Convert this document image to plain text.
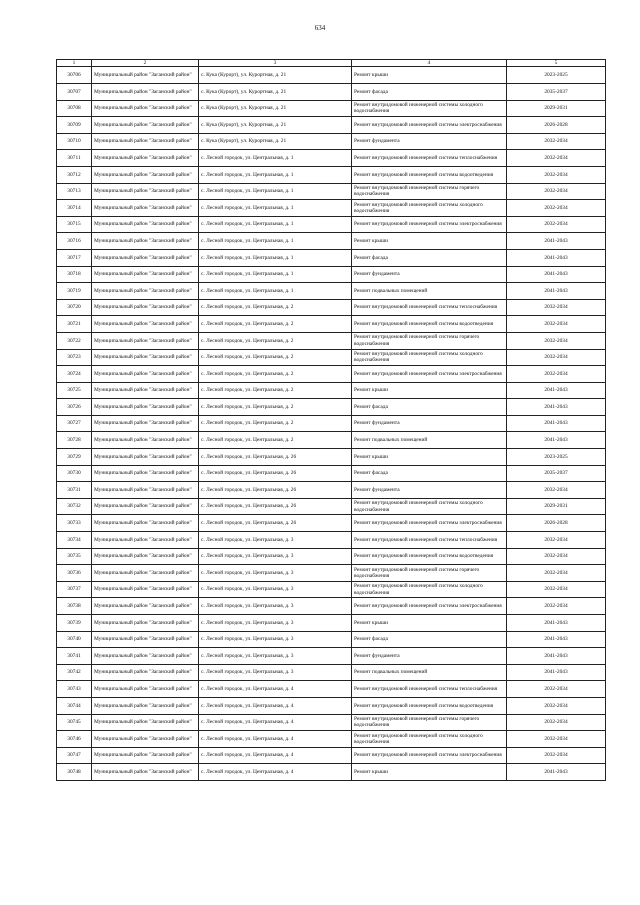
634
1	2	3	4	5
30706	Муниципальный район "Заганский район"	с. Кука (Курорт), ул. Курортная, д. 21	Ремонт крыши	2023-2025
30707	Муниципальный район "Заганский район"	с. Кука (Курорт), ул. Курортная, д. 21	Ремонт фасада	2035-2037
30708	Муниципальный район "Заганский район"	с. Кука (Курорт), ул. Курортная, д. 21	Ремонт внутридомовой инженерной системы холодного водоснабжения	2029-2031
30709	Муниципальный район "Заганский район"	с. Кука (Курорт), ул. Курортная, д. 21	Ремонт внутридомовой инженерной системы электроснабжения	2026-2028
30710	Муниципальный район "Заганский район"	с. Кука (Курорт), ул. Курортная, д. 21	Ремонт фундамента	2032-2034
30711	Муниципальный район "Заганский район"	с. Лесной городок, ул. Центральная, д. 1	Ремонт внутридомовой инженерной системы теплоснабжения	2032-2034
30712	Муниципальный район "Заганский район"	с. Лесной городок, ул. Центральная, д. 1	Ремонт внутридомовой инженерной системы водоотведения	2032-2034
30713	Муниципальный район "Заганский район"	с. Лесной городок, ул. Центральная, д. 1	Ремонт внутридомовой инженерной системы горячего водоснабжения	2032-2034
30714	Муниципальный район "Заганский район"	с. Лесной городок, ул. Центральная, д. 1	Ремонт внутридомовой инженерной системы холодного водоснабжения	2032-2034
30715	Муниципальный район "Заганский район"	с. Лесной городок, ул. Центральная, д. 1	Ремонт внутридомовой инженерной системы электроснабжения	2032-2034
30716	Муниципальный район "Заганский район"	с. Лесной городок, ул. Центральная, д. 1	Ремонт крыши	2041-2043
30717	Муниципальный район "Заганский район"	с. Лесной городок, ул. Центральная, д. 1	Ремонт фасада	2041-2043
30718	Муниципальный район "Заганский район"	с. Лесной городок, ул. Центральная, д. 1	Ремонт фундамента	2041-2043
30719	Муниципальный район "Заганский район"	с. Лесной городок, ул. Центральная, д. 1	Ремонт подвальных помещений	2041-2043
30720	Муниципальный район "Заганский район"	с. Лесной городок, ул. Центральная, д. 2	Ремонт внутридомовой инженерной системы теплоснабжения	2032-2034
30721	Муниципальный район "Заганский район"	с. Лесной городок, ул. Центральная, д. 2	Ремонт внутридомовой инженерной системы водоотведения	2032-2034
30722	Муниципальный район "Заганский район"	с. Лесной городок, ул. Центральная, д. 2	Ремонт внутридомовой инженерной системы горячего водоснабжения	2032-2034
30723	Муниципальный район "Заганский район"	с. Лесной городок, ул. Центральная, д. 2	Ремонт внутридомовой инженерной системы холодного водоснабжения	2032-2034
30724	Муниципальный район "Заганский район"	с. Лесной городок, ул. Центральная, д. 2	Ремонт внутридомовой инженерной системы электроснабжения	2032-2034
30725	Муниципальный район "Заганский район"	с. Лесной городок, ул. Центральная, д. 2	Ремонт крыши	2041-2043
30726	Муниципальный район "Заганский район"	с. Лесной городок, ул. Центральная, д. 2	Ремонт фасада	2041-2043
30727	Муниципальный район "Заганский район"	с. Лесной городок, ул. Центральная, д. 2	Ремонт фундамента	2041-2043
30728	Муниципальный район "Заганский район"	с. Лесной городок, ул. Центральная, д. 2	Ремонт подвальных помещений	2041-2043
30729	Муниципальный район "Заганский район"	с. Лесной городок, ул. Центральная, д. 26	Ремонт крыши	2023-2025
30730	Муниципальный район "Заганский район"	с. Лесной городок, ул. Центральная, д. 26	Ремонт фасада	2035-2037
30731	Муниципальный район "Заганский район"	с. Лесной городок, ул. Центральная, д. 26	Ремонт фундамента	2032-2034
30732	Муниципальный район "Заганский район"	с. Лесной городок, ул. Центральная, д. 26	Ремонт внутридомовой инженерной системы холодного водоснабжения	2029-2031
30733	Муниципальный район "Заганский район"	с. Лесной городок, ул. Центральная, д. 26	Ремонт внутридомовой инженерной системы электроснабжения	2026-2028
30734	Муниципальный район "Заганский район"	с. Лесной городок, ул. Центральная, д. 3	Ремонт внутридомовой инженерной системы теплоснабжения	2032-2034
30735	Муниципальный район "Заганский район"	с. Лесной городок, ул. Центральная, д. 3	Ремонт внутридомовой инженерной системы водоотведения	2032-2034
30736	Муниципальный район "Заганский район"	с. Лесной городок, ул. Центральная, д. 3	Ремонт внутридомовой инженерной системы горячего водоснабжения	2032-2034
30737	Муниципальный район "Заганский район"	с. Лесной городок, ул. Центральная, д. 3	Ремонт внутридомовой инженерной системы холодного водоснабжения	2032-2034
30738	Муниципальный район "Заганский район"	с. Лесной городок, ул. Центральная, д. 3	Ремонт внутридомовой инженерной системы электроснабжения	2032-2034
30739	Муниципальный район "Заганский район"	с. Лесной городок, ул. Центральная, д. 3	Ремонт крыши	2041-2043
30740	Муниципальный район "Заганский район"	с. Лесной городок, ул. Центральная, д. 3	Ремонт фасада	2041-2043
30741	Муниципальный район "Заганский район"	с. Лесной городок, ул. Центральная, д. 3	Ремонт фундамента	2041-2043
30742	Муниципальный район "Заганский район"	с. Лесной городок, ул. Центральная, д. 3	Ремонт подвальных помещений	2041-2043
30743	Муниципальный район "Заганский район"	с. Лесной городок, ул. Центральная, д. 4	Ремонт внутридомовой инженерной системы теплоснабжения	2032-2034
30744	Муниципальный район "Заганский район"	с. Лесной городок, ул. Центральная, д. 4	Ремонт внутридомовой инженерной системы водоотведения	2032-2034
30745	Муниципальный район "Заганский район"	с. Лесной городок, ул. Центральная, д. 4	Ремонт внутридомовой инженерной системы горячего водоснабжения	2032-2034
30746	Муниципальный район "Заганский район"	с. Лесной городок, ул. Центральная, д. 4	Ремонт внутридомовой инженерной системы холодного водоснабжения	2032-2034
30747	Муниципальный район "Заганский район"	с. Лесной городок, ул. Центральная, д. 4	Ремонт внутридомовой инженерной системы электроснабжения	2032-2034
30748	Муниципальный район "Заганский район"	с. Лесной городок, ул. Центральная, д. 4	Ремонт крыши	2041-2043
